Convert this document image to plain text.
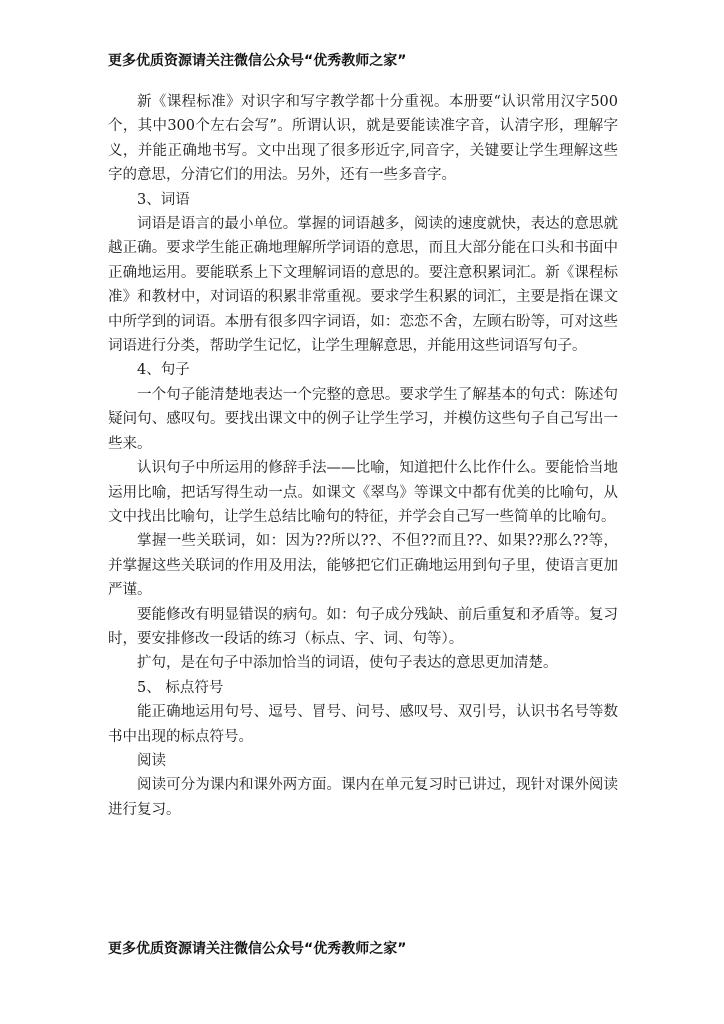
更多优质资源请关注微信公众号“优秀教师之家”

新《课程标准》对识字和写字教学都十分重视。本册要“认识常用汉字500个，其中300个左右会写”。所谓认识，就是要能读准字音，认清字形，理解字义，并能正确地书写。文中出现了很多形近字,同音字，关键要让学生理解这些字的意思，分清它们的用法。另外，还有一些多音字。

3、词语

词语是语言的最小单位。掌握的词语越多，阅读的速度就快，表达的意思就越正确。要求学生能正确地理解所学词语的意思，而且大部分能在口头和书面中正确地运用。要能联系上下文理解词语的意思的。要注意积累词汇。新《课程标准》和教材中，对词语的积累非常重视。要求学生积累的词汇，主要是指在课文中所学到的词语。本册有很多四字词语，如：恋恋不舍，左顾右盼等，可对这些词语进行分类，帮助学生记忆，让学生理解意思，并能用这些词语写句子。

4、句子

一个句子能清楚地表达一个完整的意思。要求学生了解基本的句式：陈述句疑问句、感叹句。要找出课文中的例子让学生学习，并模仿这些句子自己写出一些来。

认识句子中所运用的修辞手法——比喻，知道把什么比作什么。要能恰当地运用比喻，把话写得生动一点。如课文《翠鸟》等课文中都有优美的比喻句，从文中找出比喻句，让学生总结比喻句的特征，并学会自己写一些简单的比喻句。

掌握一些关联词，如：因为??所以??、不但??而且??、如果??那么??等，并掌握这些关联词的作用及用法，能够把它们正确地运用到句子里，使语言更加严谨。

要能修改有明显错误的病句。如：句子成分残缺、前后重复和矛盾等。复习时，要安排修改一段话的练习（标点、字、词、句等）。

扩句，是在句子中添加恰当的词语，使句子表达的意思更加清楚。

5、 标点符号

能正确地运用句号、逗号、冒号、问号、感叹号、双引号，认识书名号等数书中出现的标点符号。

阅读

阅读可分为课内和课外两方面。课内在单元复习时已讲过，现针对课外阅读进行复习。

更多优质资源请关注微信公众号“优秀教师之家”
